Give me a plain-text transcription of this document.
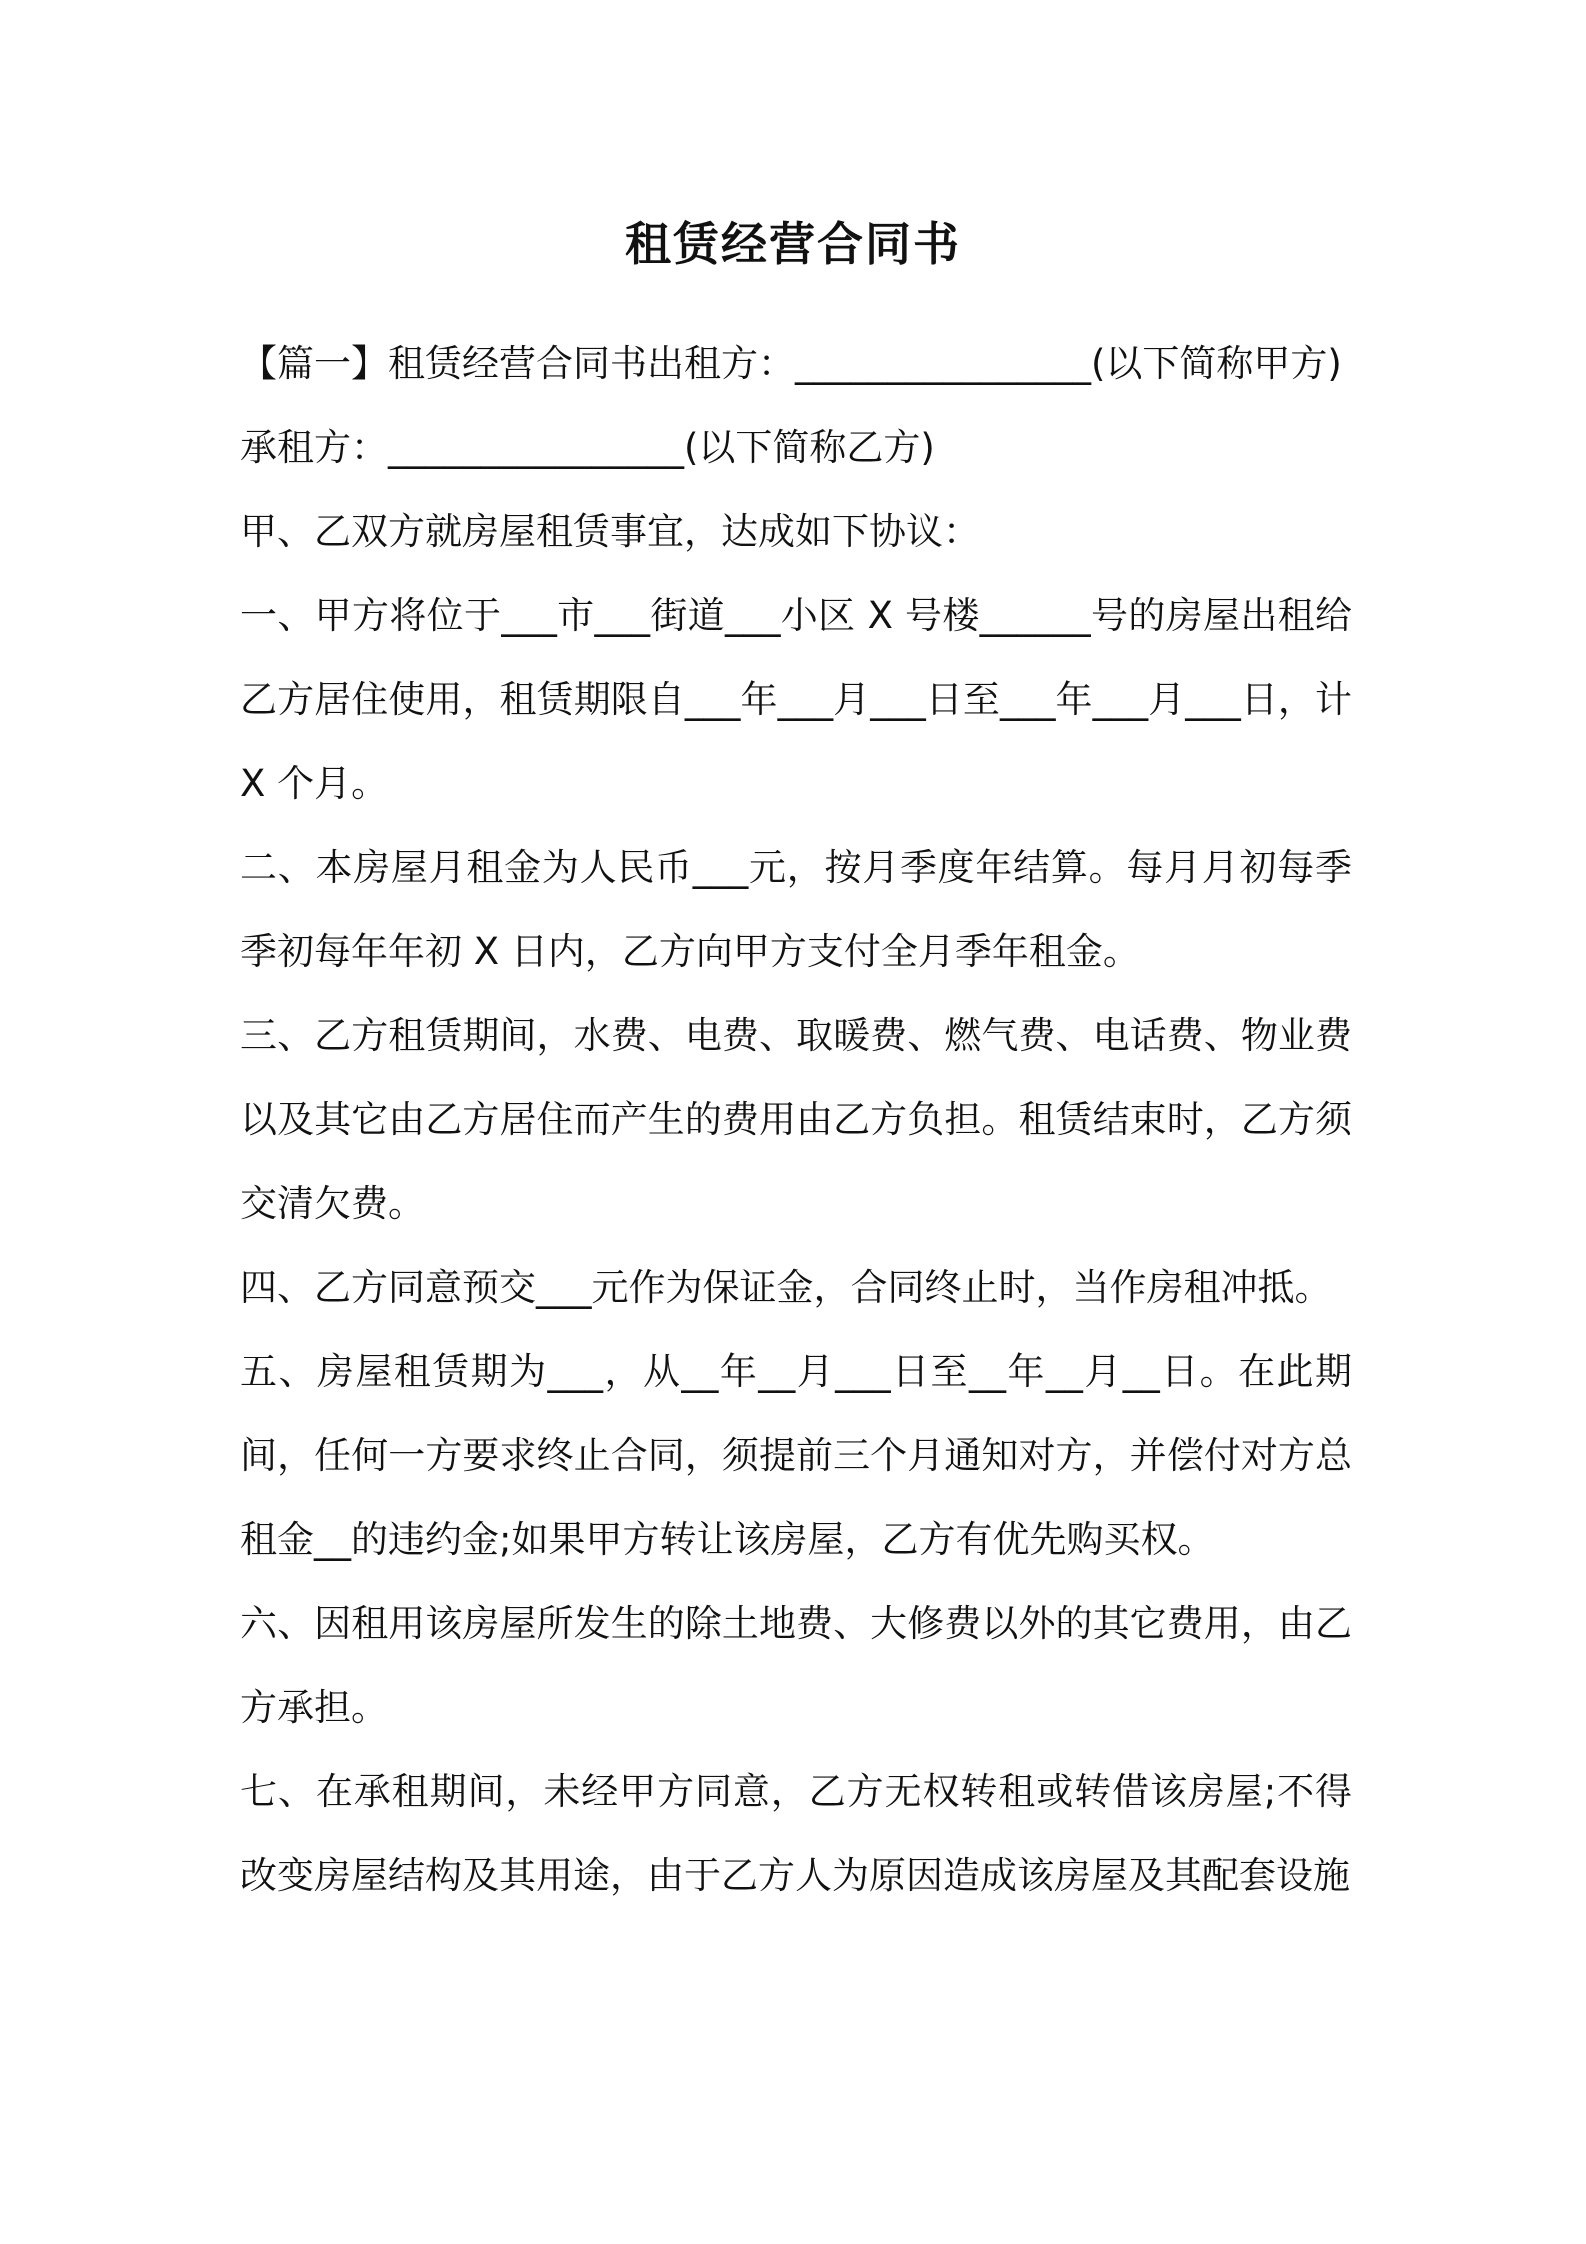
租赁经营合同书

【篇一】租赁经营合同书出租方：________________(以下简称甲方)

承租方：________________(以下简称乙方)

甲、乙双方就房屋租赁事宜，达成如下协议：

一、甲方将位于___市___街道___小区 X 号楼______号的房屋出租给乙方居住使用，租赁期限自___年___月___日至___年___月___日，计 X 个月。

二、本房屋月租金为人民币___元，按月季度年结算。每月月初每季季初每年年初 X 日内，乙方向甲方支付全月季年租金。

三、乙方租赁期间，水费、电费、取暖费、燃气费、电话费、物业费以及其它由乙方居住而产生的费用由乙方负担。租赁结束时，乙方须交清欠费。

四、乙方同意预交___元作为保证金，合同终止时，当作房租冲抵。

五、房屋租赁期为___，从__年__月___日至__年__月__日。在此期间，任何一方要求终止合同，须提前三个月通知对方，并偿付对方总租金__的违约金;如果甲方转让该房屋，乙方有优先购买权。

六、因租用该房屋所发生的除土地费、大修费以外的其它费用，由乙方承担。

七、在承租期间，未经甲方同意，乙方无权转租或转借该房屋;不得改变房屋结构及其用途，由于乙方人为原因造成该房屋及其配套设施
